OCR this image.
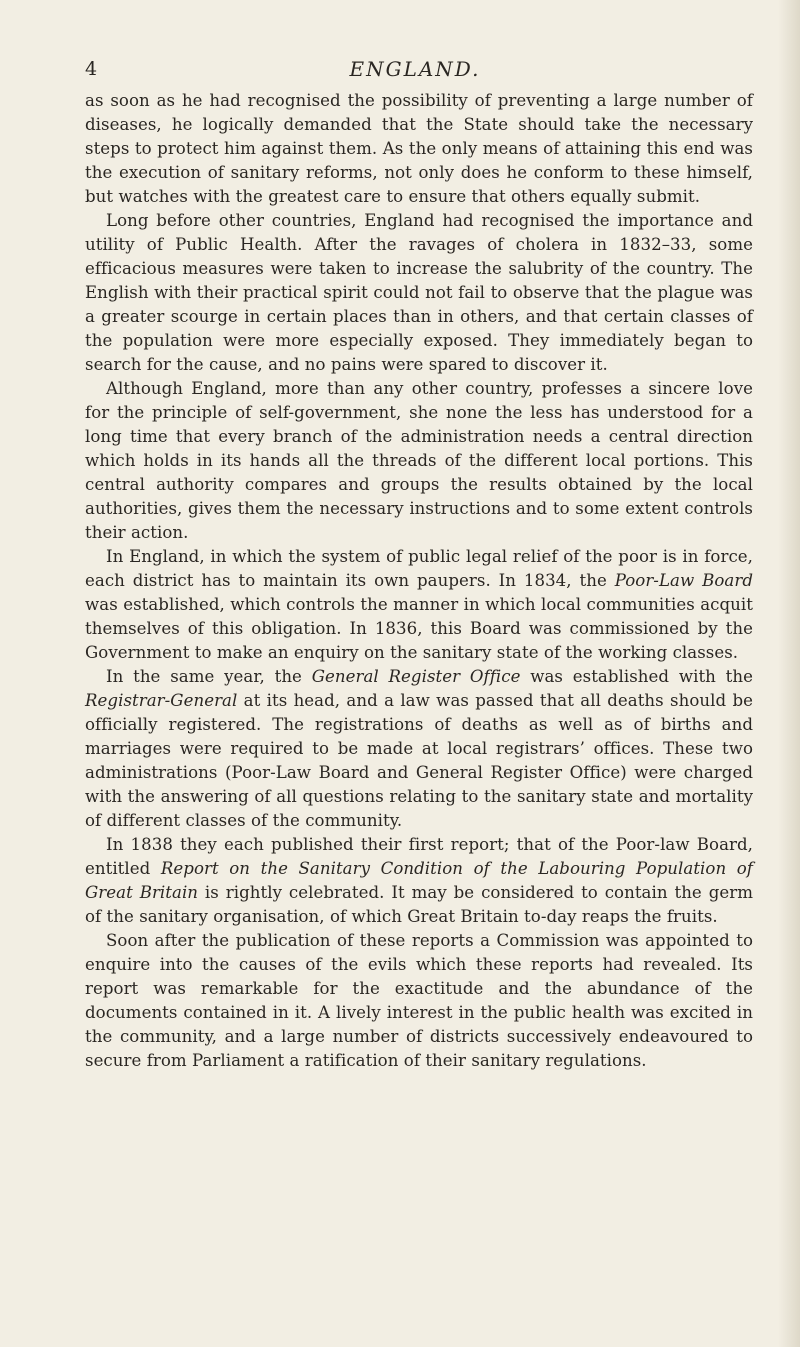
4	ENGLAND.

as soon as he had recognised the possibility of preventing a large number of diseases, he logically demanded that the State should take the necessary steps to protect him against them. As the only means of attaining this end was the execution of sanitary reforms, not only does he conform to these himself, but watches with the greatest care to ensure that others equally submit.

Long before other countries, England had recognised the importance and utility of Public Health. After the ravages of cholera in 1832–33, some efficacious measures were taken to increase the salubrity of the country. The English with their practical spirit could not fail to observe that the plague was a greater scourge in certain places than in others, and that certain classes of the population were more especially exposed. They immediately began to search for the cause, and no pains were spared to discover it.

Although England, more than any other country, professes a sincere love for the principle of self-government, she none the less has understood for a long time that every branch of the administration needs a central direction which holds in its hands all the threads of the different local portions. This central authority compares and groups the results obtained by the local authorities, gives them the necessary instructions and to some extent controls their action.

In England, in which the system of public legal relief of the poor is in force, each district has to maintain its own paupers. In 1834, the Poor-Law Board was established, which controls the manner in which local communities acquit themselves of this obligation. In 1836, this Board was commissioned by the Government to make an enquiry on the sanitary state of the working classes.

In the same year, the General Register Office was established with the Registrar-General at its head, and a law was passed that all deaths should be officially registered. The registrations of deaths as well as of births and marriages were required to be made at local registrars’ offices. These two administrations (Poor-Law Board and General Register Office) were charged with the answering of all questions relating to the sanitary state and mortality of different classes of the community.

In 1838 they each published their first report; that of the Poor-law Board, entitled Report on the Sanitary Condition of the Labouring Population of Great Britain is rightly celebrated. It may be considered to contain the germ of the sanitary organisation, of which Great Britain to-day reaps the fruits.

Soon after the publication of these reports a Commission was appointed to enquire into the causes of the evils which these reports had revealed. Its report was remarkable for the exactitude and the abundance of the documents contained in it. A lively interest in the public health was excited in the community, and a large number of districts successively endeavoured to secure from Parliament a ratification of their sanitary regulations.
